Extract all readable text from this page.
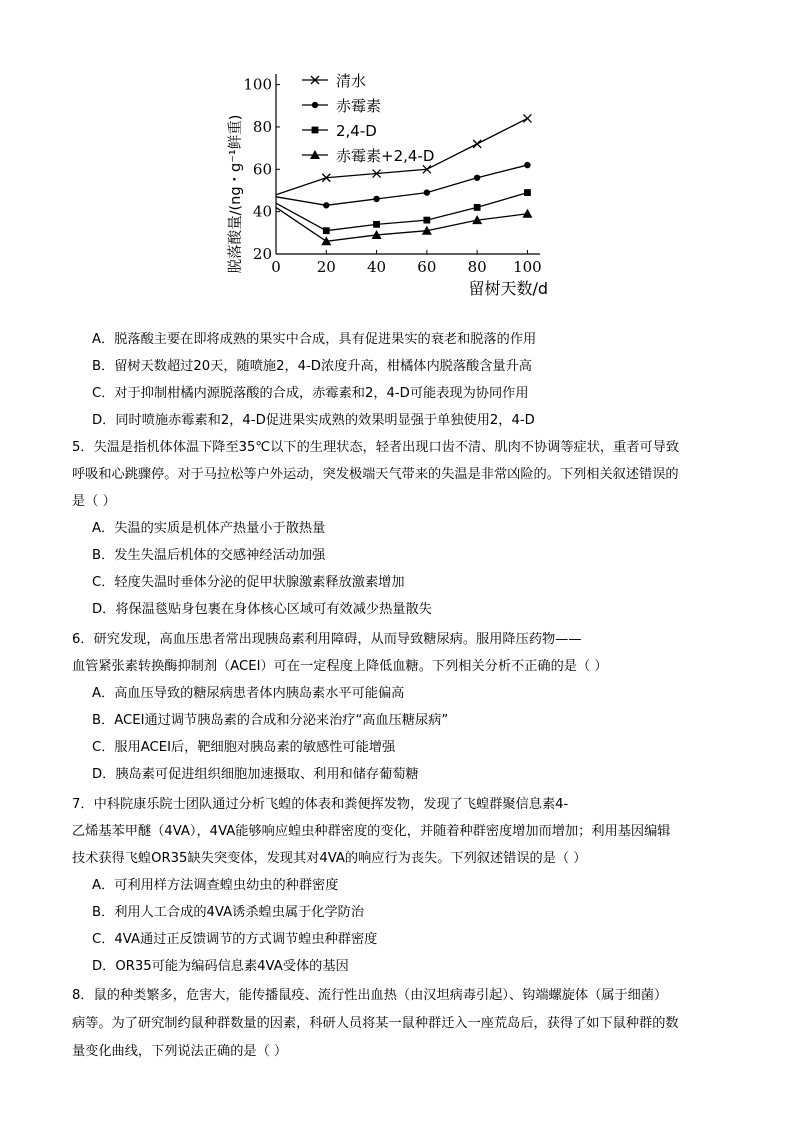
0 20 40 60 80 100
20
40
60
80
100	清水
赤霉素
2,4-D
赤霉素+2,4-D
脱落酸量/(ng・g⁻¹鲜重)
留树天数/d
A．脱落酸主要在即将成熟的果实中合成，具有促进果实的衰老和脱落的作用
B．留树天数超过20天，随喷施2，4-D浓度升高，柑橘体内脱落酸含量升高
C．对于抑制柑橘内源脱落酸的合成，赤霉素和2，4-D可能表现为协同作用
D．同时喷施赤霉素和2，4-D促进果实成熟的效果明显强于单独使用2，4-D
5．失温是指机体体温下降至35℃以下的生理状态，轻者出现口齿不清、肌肉不协调等症状，重者可导致
呼吸和心跳骤停。对于马拉松等户外运动，突发极端天气带来的失温是非常凶险的。下列相关叙述错误的
是（ ）
A．失温的实质是机体产热量小于散热量
B．发生失温后机体的交感神经活动加强
C．轻度失温时垂体分泌的促甲状腺激素释放激素增加
D．将保温毯贴身包裹在身体核心区域可有效减少热量散失
6．研究发现，高血压患者常出现胰岛素利用障碍，从而导致糖尿病。服用降压药物——
血管紧张素转换酶抑制剂（ACEI）可在一定程度上降低血糖。下列相关分析不正确的是（ ）
A．高血压导致的糖尿病患者体内胰岛素水平可能偏高
B．ACEI通过调节胰岛素的合成和分泌来治疗“高血压糖尿病”
C．服用ACEI后，靶细胞对胰岛素的敏感性可能增强
D．胰岛素可促进组织细胞加速摄取、利用和储存葡萄糖
7．中科院康乐院士团队通过分析飞蝗的体表和粪便挥发物，发现了飞蝗群聚信息素4-
乙烯基苯甲醚（4VA），4VA能够响应蝗虫种群密度的变化，并随着种群密度增加而增加；利用基因编辑
技术获得飞蝗OR35缺失突变体，发现其对4VA的响应行为丧失。下列叙述错误的是（ ）
A．可利用样方法调查蝗虫幼虫的种群密度
B．利用人工合成的4VA诱杀蝗虫属于化学防治
C．4VA通过正反馈调节的方式调节蝗虫种群密度
D．OR35可能为编码信息素4VA受体的基因
8．鼠的种类繁多，危害大，能传播鼠疫、流行性出血热（由汉坦病毒引起）、钩端螺旋体（属于细菌）
病等。为了研究制约鼠种群数量的因素，科研人员将某一鼠种群迁入一座荒岛后，获得了如下鼠种群的数
量变化曲线，下列说法正确的是（ ）
